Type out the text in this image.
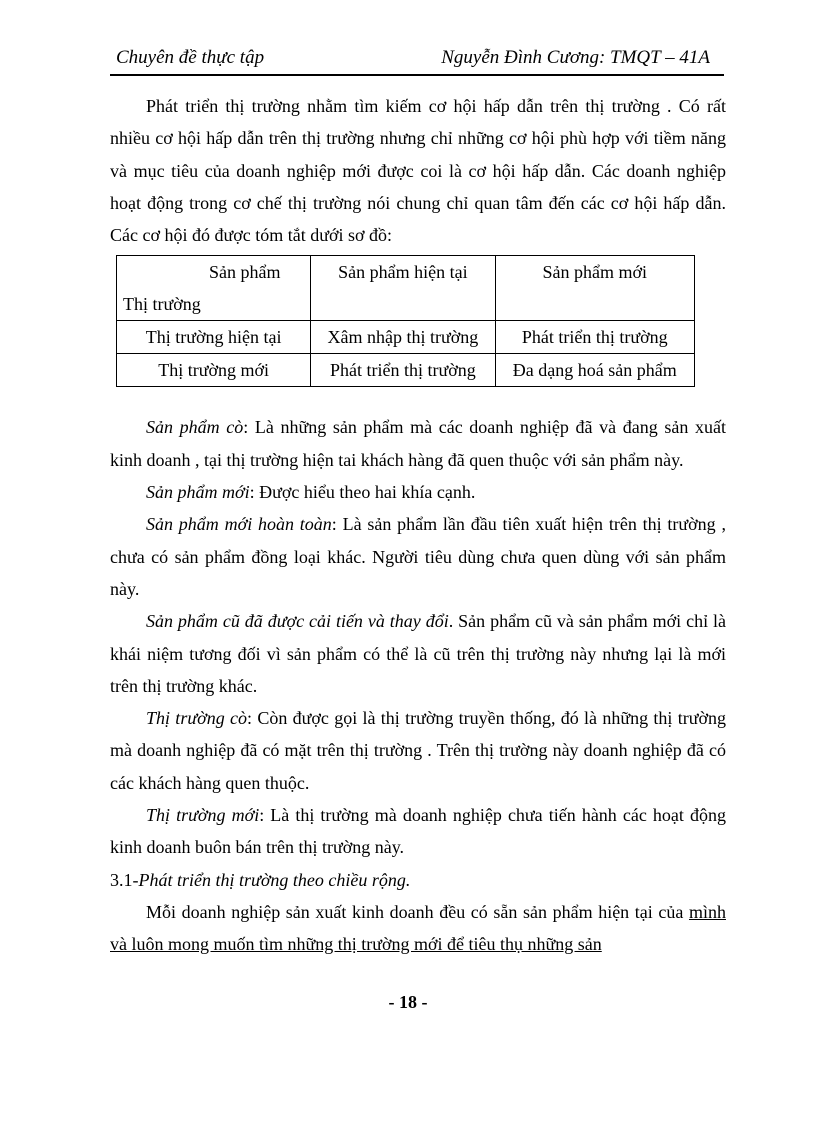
Chuyên đề thực tập	Nguyễn Đình Cương: TMQT – 41A

Phát triển thị trường nhằm tìm kiếm cơ hội hấp dẫn trên thị trường . Có rất nhiều cơ hội hấp dẫn trên thị trường nhưng chỉ những cơ hội phù hợp với tiềm năng và mục tiêu của doanh nghiệp mới được coi là cơ hội hấp dẫn. Các doanh nghiệp hoạt động trong cơ chế thị trường nói chung chỉ quan tâm đến các cơ hội hấp dẫn. Các cơ hội đó được tóm tắt dưới sơ đồ:

Sản phẩm
Thị trường	Sản phẩm hiện tại	Sản phẩm mới
Thị trường hiện tại	Xâm nhập thị trường	Phát triển thị trường
Thị trường mới	Phát triển thị trường	Đa dạng hoá sản phẩm

Sản phẩm cò: Là những sản phẩm mà các doanh nghiệp đã và đang sản xuất kinh doanh , tại thị trường hiện tai khách hàng đã quen thuộc với sản phẩm này.

Sản phẩm mới: Được hiểu theo hai khía cạnh.

Sản phẩm mới hoàn toàn: Là sản phẩm lần đầu tiên xuất hiện trên thị trường , chưa có sản phẩm đồng loại khác. Người tiêu dùng chưa quen dùng với sản phẩm này.

Sản phẩm cũ đã được cải tiến và thay đổi. Sản phẩm cũ và sản phẩm mới chỉ là khái niệm tương đối vì sản phẩm có thể là cũ trên thị trường này nhưng lại là mới trên thị trường khác.

Thị trường cò: Còn được gọi là thị trường truyền thống, đó là những thị trường mà doanh nghiệp đã có mặt trên thị trường . Trên thị trường này doanh nghiệp đã có các khách hàng quen thuộc.

Thị trường mới: Là thị trường mà doanh nghiệp chưa tiến hành các hoạt động kinh doanh buôn bán trên thị trường này.

3.1-Phát triển thị trường theo chiều rộng.

Mỗi doanh nghiệp sản xuất kinh doanh đều có sẵn sản phẩm hiện tại của mình và luôn mong muốn tìm những thị trường mới để tiêu thụ những sản

- 18 -
